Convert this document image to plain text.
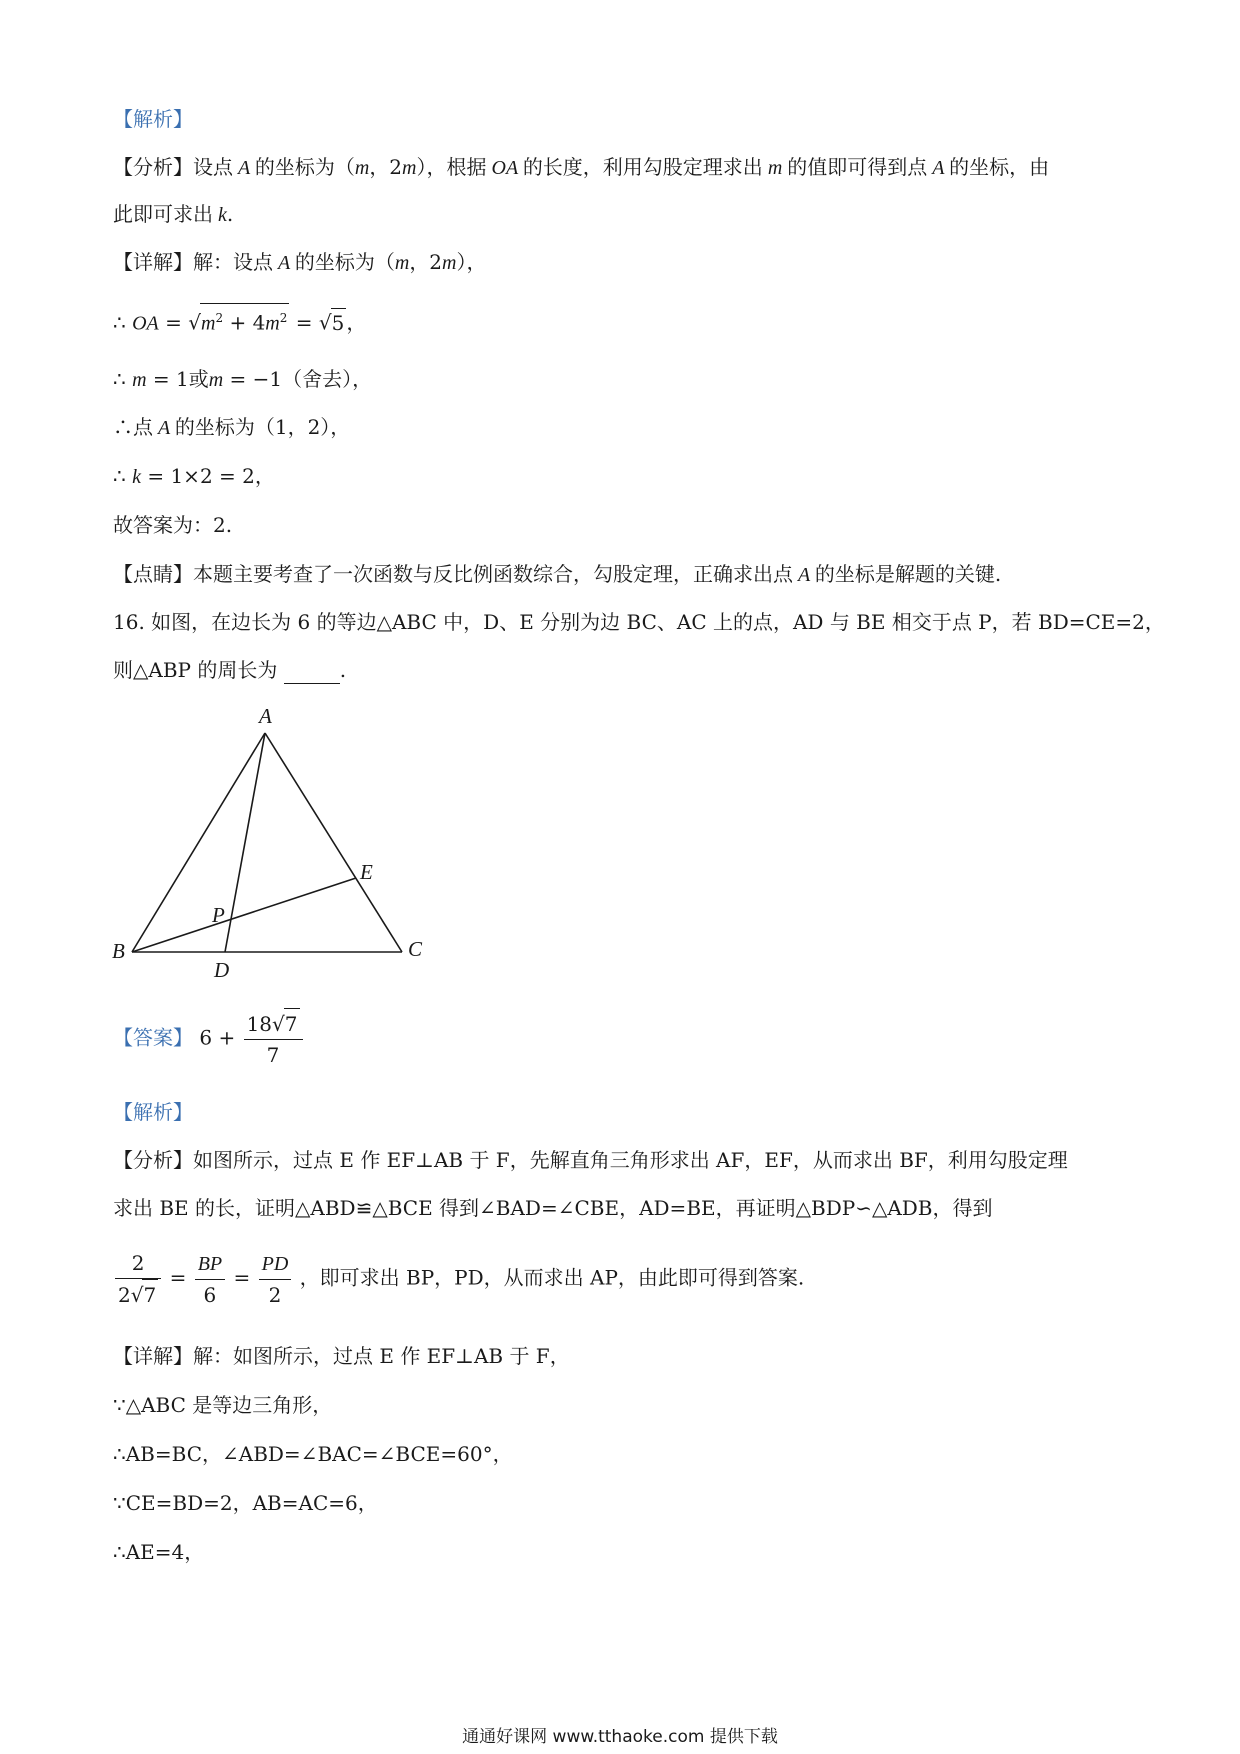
【解析】
【分析】设点 A 的坐标为（m，2m），根据 OA 的长度，利用勾股定理求出 m 的值即可得到点 A 的坐标，由
此即可求出 k.
【详解】解：设点 A 的坐标为（m，2m），
∴ OA = $√m^2 + 4m^2 = √5$ ，
∴ m = 1或m = −1（舍去），
∴点 A 的坐标为（1，2），
∴ k = 1×2 = 2，
故答案为：2.
【点睛】本题主要考查了一次函数与反比例函数综合，勾股定理，正确求出点 A 的坐标是解题的关键.
16. 如图，在边长为 6 的等边△ABC 中，D、E 分别为边 BC、AC 上的点，AD 与 BE 相交于点 P，若 BD=CE=2，
则△ABP 的周长为	.
A
B	C
D
E
P
【答案】 $6 + \frac{18√7}{7}$
【解析】
【分析】如图所示，过点 E 作 EF⊥AB 于 F，先解直角三角形求出 AF，EF，从而求出 BF，利用勾股定理
求出 BE 的长，证明△ABD≌△BCE 得到∠BAD=∠CBE，AD=BE，再证明△BDP∽△ADB，得到
$\frac{2}{2√7} = \frac{BP}{6} = \frac{PD}{2}$ ，即可求出 BP，PD，从而求出 AP，由此即可得到答案.
【详解】解：如图所示，过点 E 作 EF⊥AB 于 F，
∵△ABC 是等边三角形，
∴AB=BC，∠ABD=∠BAC=∠BCE=60°，
∵CE=BD=2，AB=AC=6，
∴AE=4，
通通好课网 www.tthaoke.com 提供下载
